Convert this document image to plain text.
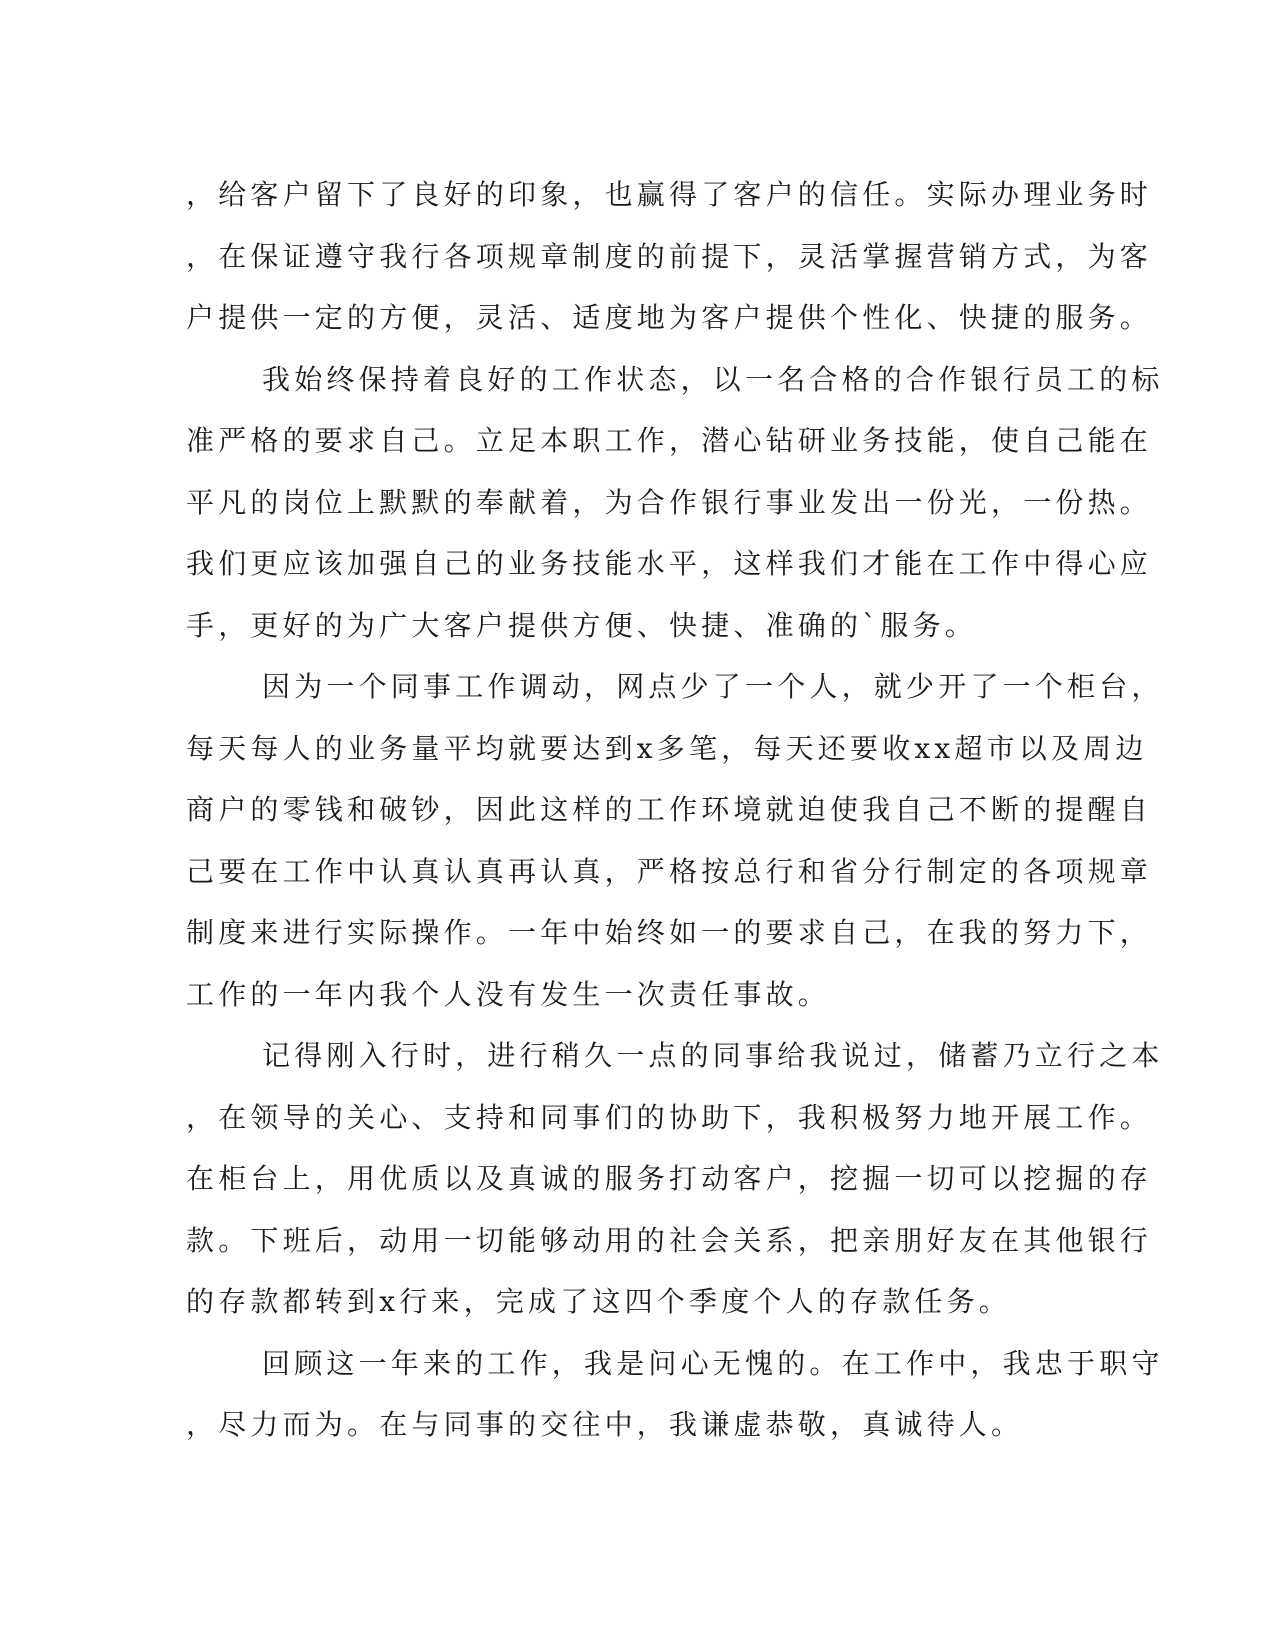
，给客户留下了良好的印象，也赢得了客户的信任。实际办理业务时
，在保证遵守我行各项规章制度的前提下，灵活掌握营销方式，为客
户提供一定的方便，灵活、适度地为客户提供个性化、快捷的服务。
我始终保持着良好的工作状态，以一名合格的合作银行员工的标
准严格的要求自己。立足本职工作，潜心钻研业务技能，使自己能在
平凡的岗位上默默的奉献着，为合作银行事业发出一份光，一份热。
我们更应该加强自己的业务技能水平，这样我们才能在工作中得心应
手，更好的为广大客户提供方便、快捷、准确的`服务。
因为一个同事工作调动，网点少了一个人，就少开了一个柜台，
每天每人的业务量平均就要达到x多笔，每天还要收xx超市以及周边
商户的零钱和破钞，因此这样的工作环境就迫使我自己不断的提醒自
己要在工作中认真认真再认真，严格按总行和省分行制定的各项规章
制度来进行实际操作。一年中始终如一的要求自己，在我的努力下，
工作的一年内我个人没有发生一次责任事故。
记得刚入行时，进行稍久一点的同事给我说过，储蓄乃立行之本
，在领导的关心、支持和同事们的协助下，我积极努力地开展工作。
在柜台上，用优质以及真诚的服务打动客户，挖掘一切可以挖掘的存
款。下班后，动用一切能够动用的社会关系，把亲朋好友在其他银行
的存款都转到x行来，完成了这四个季度个人的存款任务。
回顾这一年来的工作，我是问心无愧的。在工作中，我忠于职守
，尽力而为。在与同事的交往中，我谦虚恭敬，真诚待人。
